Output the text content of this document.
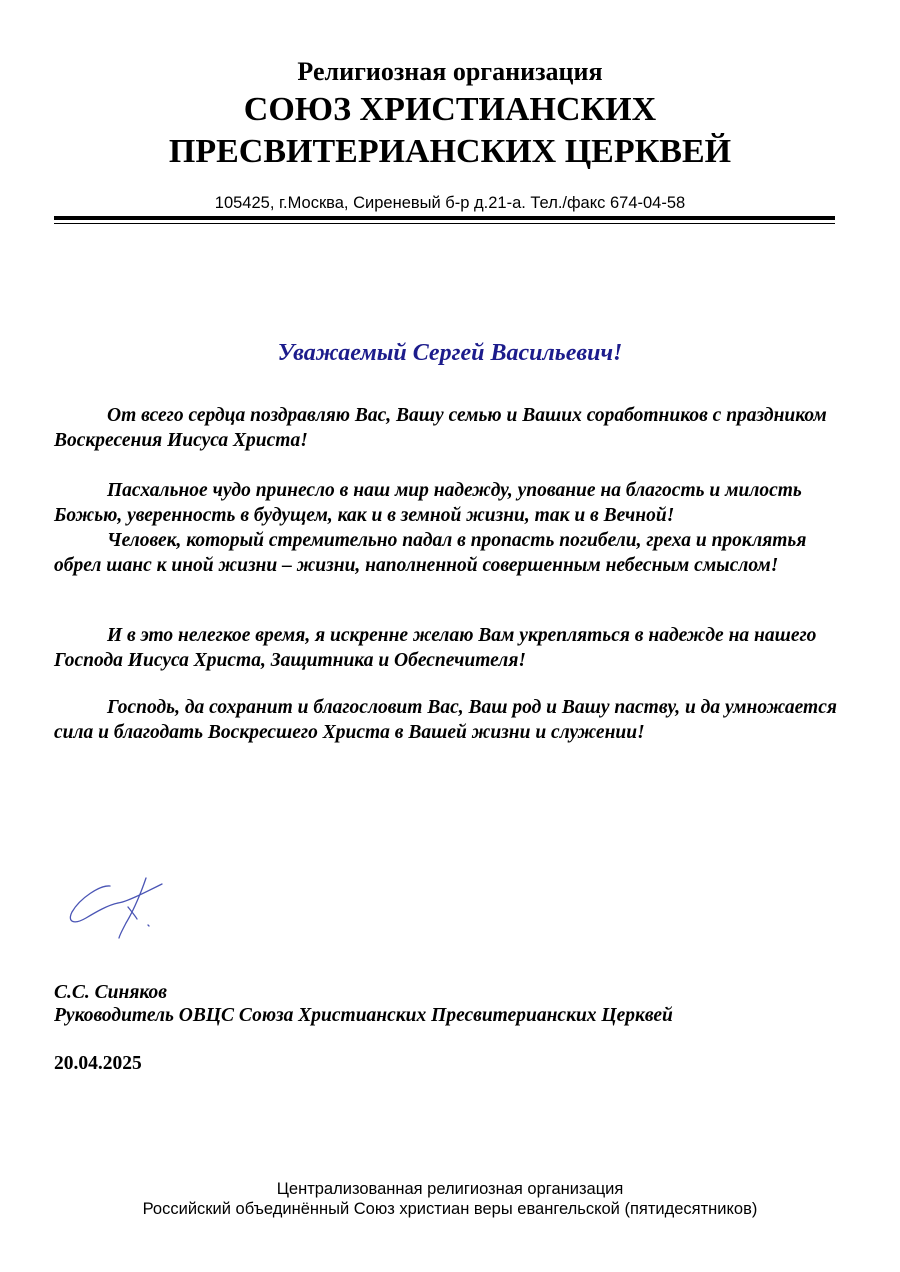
Религиозная организация
СОЮЗ ХРИСТИАНСКИХ
ПРЕСВИТЕРИАНСКИХ ЦЕРКВЕЙ
105425, г.Москва, Сиреневый б-р д.21-а. Тел./факс 674-04-58
Уважаемый Сергей Васильевич!

От всего сердца поздравляю Вас, Вашу семью и Ваших соработников с праздником Воскресения Иисуса Христа!

Пасхальное чудо принесло в наш мир надежду, упование на благость и милость Божью, уверенность в будущем, как и в земной жизни, так и в Вечной!

Человек, который стремительно падал в пропасть погибели, греха и проклятья обрел шанс к иной жизни – жизни, наполненной совершенным небесным смыслом!

И в это нелегкое время, я искренне желаю Вам укрепляться в надежде на нашего Господа Иисуса Христа, Защитника и Обеспечителя!

Господь, да сохранит и благословит Вас, Ваш род и Вашу паству, и да умножается сила и благодать Воскресшего Христа в Вашей жизни и служении!

С.С. Синяков
Руководитель ОВЦС Союза Христианских Пресвитерианских Церквей
20.04.2025
Централизованная религиозная организация
Российский объединённый Союз христиан веры евангельской (пятидесятников)
